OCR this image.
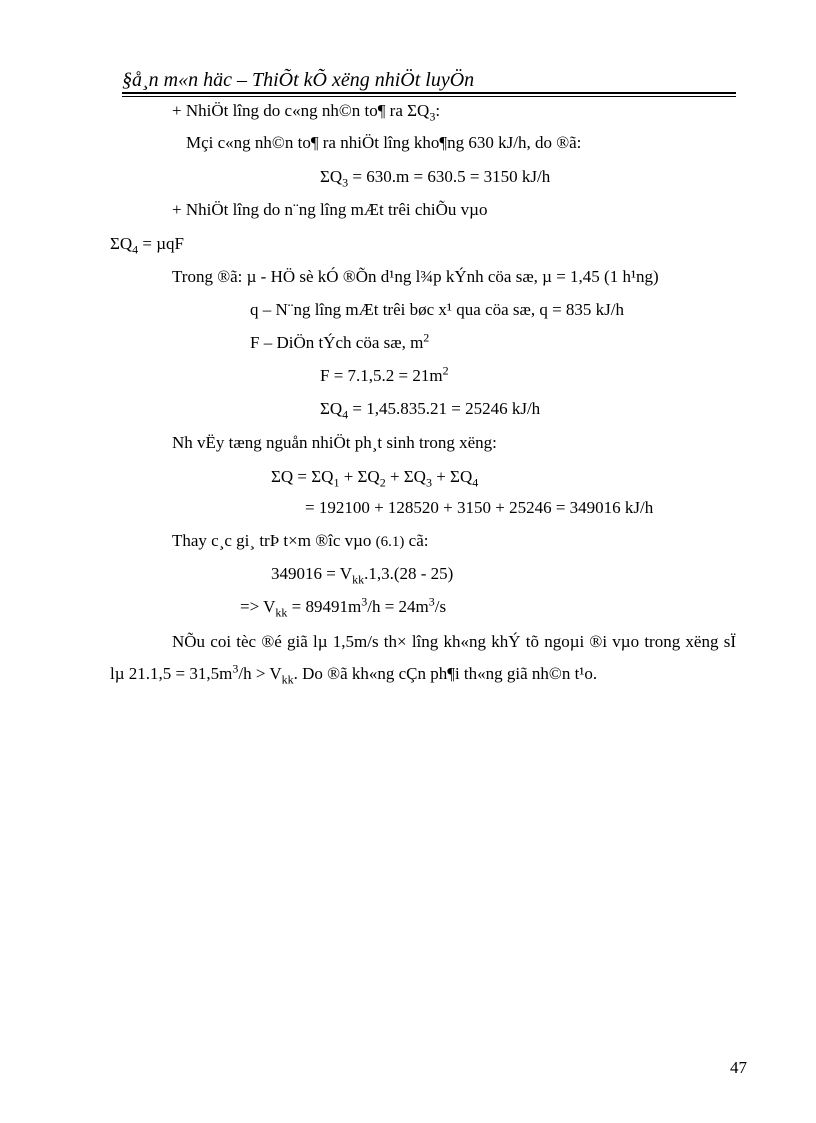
§å¸n m«n häc – ThiÕt kÕ xëng nhiÖt luyÖn
+ NhiÖt lîng do c«ng nh©n to¶ ra $\Sigma Q_3$:
Mçi c«ng nh©n to¶ ra nhiÖt lîng kho¶ng 630 kJ/h, do ®ã:
$\Sigma Q_3 = 630.m = 630.5 = 3150$ kJ/h
+ NhiÖt lîng do n¨ng lîng mÆt trêi chiÕu vµo
$\Sigma Q_4 = \mu qF$
Trong ®ã: µ - HÖ sè kÓ ®Õn d¹ng l¾p kÝnh cöa sæ, µ = 1,45 (1 h¹ng)
q – N¨ng lîng mÆt trêi bøc x¹ qua cöa sæ, q = 835 kJ/h
F – DiÖn tÝch cöa sæ, $m^2$
$F = 7.1,5.2 = 21m^2$
$\Sigma Q_4 = 1,45.835.21 = 25246$ kJ/h
Nh vËy tæng nguån nhiÖt ph¸t sinh trong xëng:
$\Sigma Q = \Sigma Q_1 + \Sigma Q_2 + \Sigma Q_3 + \Sigma Q_4$
= 192100 + 128520 + 3150 + 25246 = 349016 kJ/h
Thay c¸c gi¸ trÞ t×m ®îc vµo (6.1) cã:
$349016 = V_{kk}.1,3.(28 - 25)$
=> $V_{kk} = 89491m^3/h = 24m^3/s$
NÕu coi tèc ®é giã lµ 1,5m/s th× lîng kh«ng khÝ tõ ngoµi ®i vµo trong xëng sÏ lµ $21.1,5 = 31,5m^3/h > V_{kk}$. Do ®ã kh«ng cÇn ph¶i th«ng giã nh©n t¹o.
47
